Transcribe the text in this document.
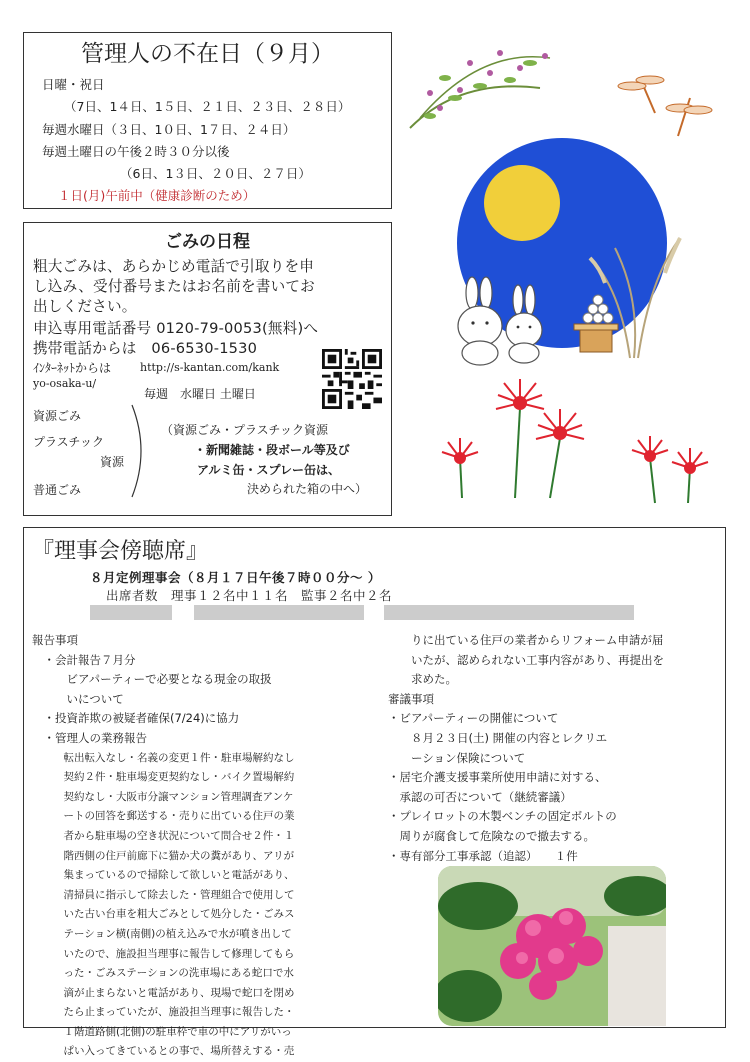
管理人の不在日（９月）
日曜・祝日
（7日、1４日、1５日、２１日、２３日、２８日）
毎週水曜日（３日、1０日、1７日、２４日）
毎週土曜日の午後２時３０分以後
（6日、1３日、２０日、２７日）
１日(月)午前中（健康診断のため）
ごみの日程
粗大ごみは、あらかじめ電話で引取りを申
し込み、受付番号またはお名前を書いてお
出しください。
申込専用電話番号 0120-79-0053(無料)へ
携帯電話からは　06-6530-1530
ｲﾝﾀｰﾈｯﾄからは	http://s-kantan.com/kank
yo-osaka-u/
毎週　水曜日 土曜日
資源ごみ
プラスチック
資源
普通ごみ
（資源ごみ・プラスチック資源
・新聞雑誌・段ボール等及び
アルミ缶・スプレー缶は、
決められた箱の中へ）
『理事会傍聴席』
８月定例理事会（８月１７日午後７時００分～ ）
出席者数　理事１２名中１１名　監事２名中２名

報告事項

　・会計報告７月分

　　　ビアパーティーで必要となる現金の取扱

　　　いについて

　・投資詐欺の被疑者確保(7/24)に協力

　・管理人の業務報告

　　　転出転入なし・名義の変更１件・駐車場解約なし

　　　契約２件・駐車場変更契約なし・バイク置場解約

　　　契約なし・大阪市分譲マンション管理調査アンケ

　　　ートの回答を郵送する・売りに出ている住戸の業

　　　者から駐車場の空き状況について問合せ２件・１

　　　階西側の住戸前廊下に猫か犬の糞があり、アリが

　　　集まっているので掃除して欲しいと電話があり、

　　　清掃員に指示して除去した・管理組合で使用して

　　　いた古い台車を粗大ごみとして処分した・ごみス

　　　テーション横(南側)の植え込みで水が噴き出して

　　　いたので、施設担当理事に報告して修理してもら

　　　った・ごみステーションの洗車場にある蛇口で水

　　　滴が止まらないと電話があり、現場で蛇口を閉め

　　　たら止まっていたが、施設担当理事に報告した・

　　　１階道路側(北側)の駐車枠で車の中にアリがいっ

　　　ぱい入ってきているとの事で、場所替えする・売

　　りに出ている住戸の業者からリフォーム申請が届

　　いたが、認められない工事内容があり、再提出を

　　求めた。

審議事項

・ビアパーティーの開催について

　　８月２３日(土) 開催の内容とレクリエ

　　ーション保険について

・居宅介護支援事業所使用申請に対する、

　承認の可否について（継続審議）

・プレイロットの木製ベンチの固定ボルトの

　周りが腐食して危険なので撤去する。

・専有部分工事承認（追認）　　１件
